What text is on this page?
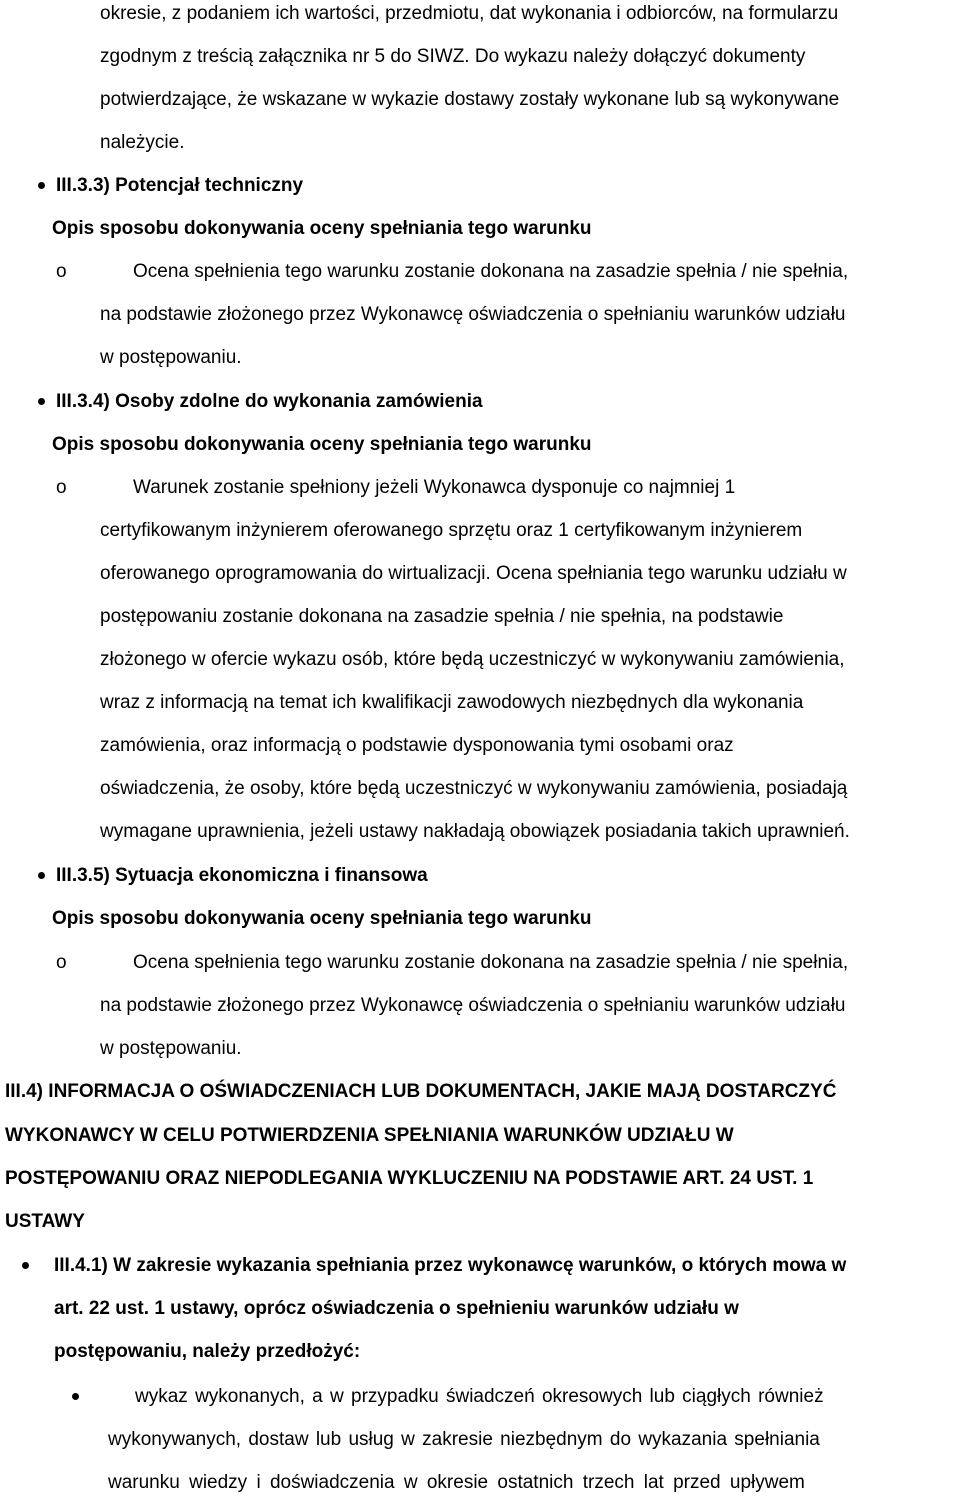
okresie, z podaniem ich wartości, przedmiotu, dat wykonania i odbiorców, na formularzu
zgodnym z treścią załącznika nr 5 do SIWZ. Do wykazu należy dołączyć dokumenty
potwierdzające, że wskazane w wykazie dostawy zostały wykonane lub są wykonywane
należycie.
III.3.3) Potencjał techniczny
Opis sposobu dokonywania oceny spełniania tego warunku
o	Ocena spełnienia tego warunku zostanie dokonana na zasadzie spełnia / nie spełnia,
na podstawie złożonego przez Wykonawcę oświadczenia o spełnianiu warunków udziału
w postępowaniu.
III.3.4) Osoby zdolne do wykonania zamówienia
Opis sposobu dokonywania oceny spełniania tego warunku
o	Warunek zostanie spełniony jeżeli Wykonawca dysponuje co najmniej 1
certyfikowanym inżynierem oferowanego sprzętu oraz 1 certyfikowanym inżynierem
oferowanego oprogramowania do wirtualizacji. Ocena spełniania tego warunku udziału w
postępowaniu zostanie dokonana na zasadzie spełnia / nie spełnia, na podstawie
złożonego w ofercie wykazu osób, które będą uczestniczyć w wykonywaniu zamówienia,
wraz z informacją na temat ich kwalifikacji zawodowych niezbędnych dla wykonania
zamówienia, oraz informacją o podstawie dysponowania tymi osobami oraz
oświadczenia, że osoby, które będą uczestniczyć w wykonywaniu zamówienia, posiadają
wymagane uprawnienia, jeżeli ustawy nakładają obowiązek posiadania takich uprawnień.
III.3.5) Sytuacja ekonomiczna i finansowa
Opis sposobu dokonywania oceny spełniania tego warunku
o	Ocena spełnienia tego warunku zostanie dokonana na zasadzie spełnia / nie spełnia,
na podstawie złożonego przez Wykonawcę oświadczenia o spełnianiu warunków udziału
w postępowaniu.
III.4) INFORMACJA O OŚWIADCZENIACH LUB DOKUMENTACH, JAKIE MAJĄ DOSTARCZYĆ
WYKONAWCY W CELU POTWIERDZENIA SPEŁNIANIA WARUNKÓW UDZIAŁU W
POSTĘPOWANIU ORAZ NIEPODLEGANIA WYKLUCZENIU NA PODSTAWIE ART. 24 UST. 1
USTAWY
III.4.1) W zakresie wykazania spełniania przez wykonawcę warunków, o których mowa w
art. 22 ust. 1 ustawy, oprócz oświadczenia o spełnieniu warunków udziału w
postępowaniu, należy przedłożyć:
wykaz wykonanych, a w przypadku świadczeń okresowych lub ciągłych również
wykonywanych, dostaw lub usług w zakresie niezbędnym do wykazania spełniania
warunku wiedzy i doświadczenia w okresie ostatnich trzech lat przed upływem
